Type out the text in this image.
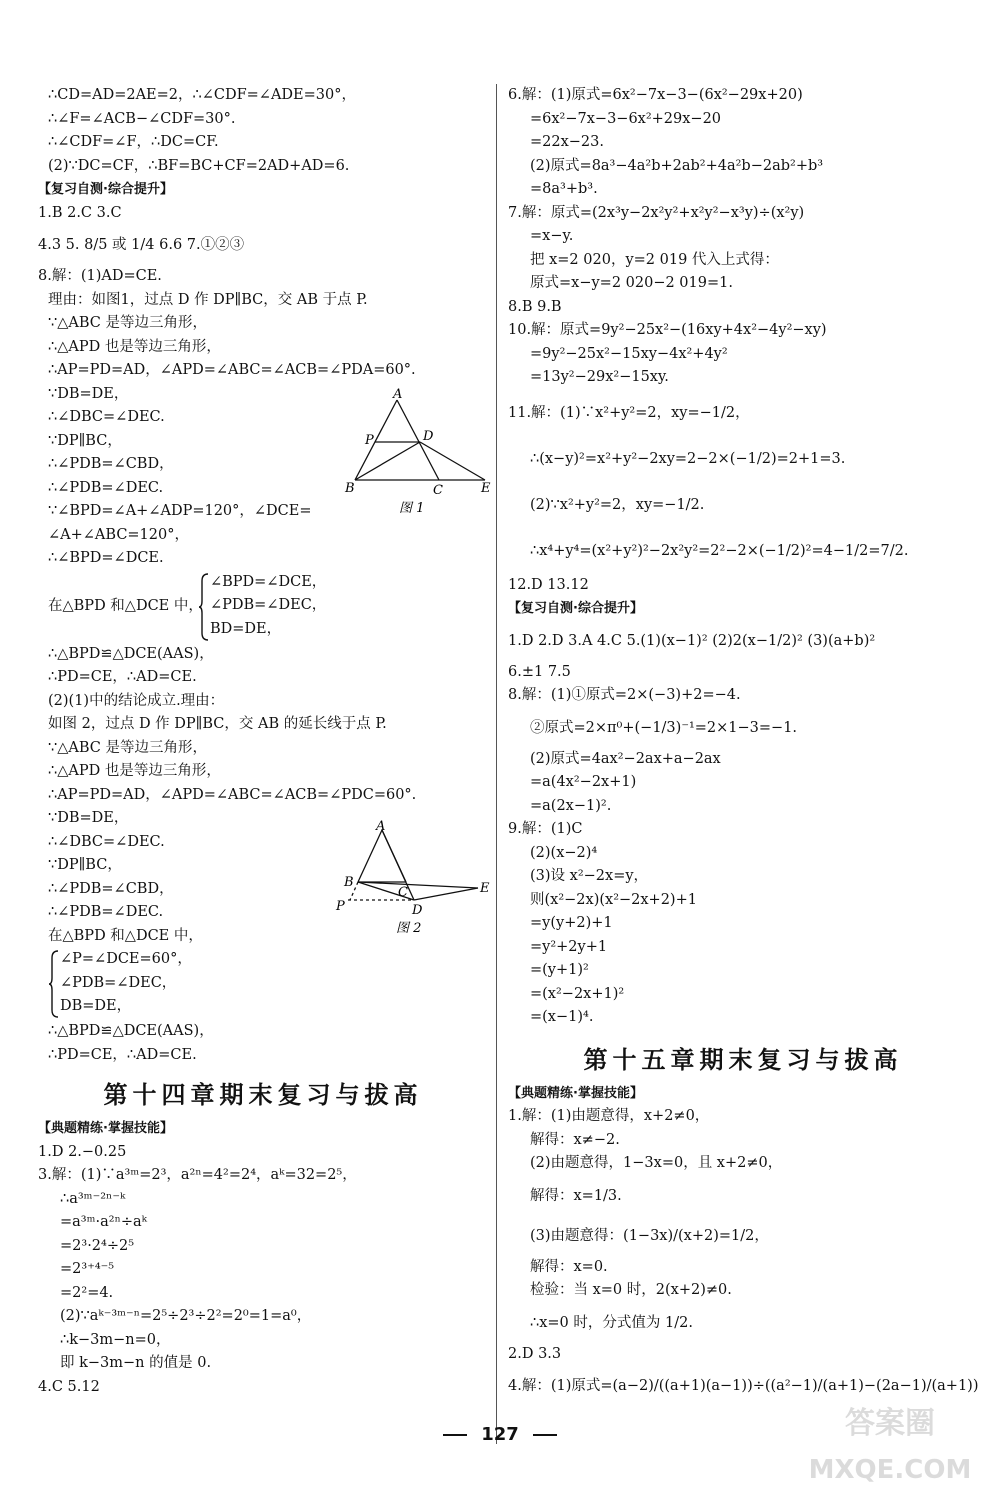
∴CD=AD=2AE=2，∴∠CDF=∠ADE=30°，
∴∠F=∠ACB−∠CDF=30°.
∴∠CDF=∠F，∴DC=CF.
(2)∵DC=CF，∴BF=BC+CF=2AD+AD=6.
【复习自测·综合提升】
1.B 2.C 3.C
4.3 5. 8/5 或 1/4 6.6 7.①②③
8.解：(1)AD=CE.
理由：如图1，过点 D 作 DP∥BC，交 AB 于点 P.
∵△ABC 是等边三角形，
∴△APD 也是等边三角形，
∴AP=PD=AD，∠APD=∠ABC=∠ACB=∠PDA=60°.
∵DB=DE，
∴∠DBC=∠DEC.
∵DP∥BC，
∴∠PDB=∠CBD，
∴∠PDB=∠DEC.
∵∠BPD=∠A+∠ADP=120°，∠DCE=
∠A+∠ABC=120°，
∴∠BPD=∠DCE.
在△BPD 和△DCE 中，
∠BPD=∠DCE，
∠PDB=∠DEC，
BD=DE，
∴△BPD≌△DCE(AAS)，
∴PD=CE，∴AD=CE.
(2)(1)中的结论成立.理由：
如图 2，过点 D 作 DP∥BC，交 AB 的延长线于点 P.
∵△ABC 是等边三角形，
∴△APD 也是等边三角形，
∴AP=PD=AD，∠APD=∠ABC=∠ACB=∠PDC=60°.
∵DB=DE，
∴∠DBC=∠DEC.
∵DP∥BC，
∴∠PDB=∠CBD，
∴∠PDB=∠DEC.
在△BPD 和△DCE 中，
∠P=∠DCE=60°，
∠PDB=∠DEC，
DB=DE，
∴△BPD≌△DCE(AAS)，
∴PD=CE，∴AD=CE.
第十四章期末复习与拔高
【典题精练·掌握技能】
1.D 2.−0.25
3.解：(1)∵a³ᵐ=2³，a²ⁿ=4²=2⁴，aᵏ=32=2⁵，
∴a³ᵐ⁻²ⁿ⁻ᵏ
=a³ᵐ·a²ⁿ÷aᵏ
=2³·2⁴÷2⁵
=2³⁺⁴⁻⁵
=2²=4.
(2)∵aᵏ⁻³ᵐ⁻ⁿ=2⁵÷2³÷2²=2⁰=1=a⁰，
∴k−3m−n=0，
即 k−3m−n 的值是 0.
4.C 5.12
A
P	D
B	C	E
图 1
A
B
C
D
E
P
图 2
6.解：(1)原式=6x²−7x−3−(6x²−29x+20)
=6x²−7x−3−6x²+29x−20
=22x−23.
(2)原式=8a³−4a²b+2ab²+4a²b−2ab²+b³
=8a³+b³.
7.解：原式=(2x³y−2x²y²+x²y²−x³y)÷(x²y)
=x−y.
把 x=2 020，y=2 019 代入上式得：
原式=x−y=2 020−2 019=1.
8.B 9.B
10.解：原式=9y²−25x²−(16xy+4x²−4y²−xy)
=9y²−25x²−15xy−4x²+4y²
=13y²−29x²−15xy.
11.解：(1)∵x²+y²=2，xy=−1/2，
∴(x−y)²=x²+y²−2xy=2−2×(−1/2)=2+1=3.
(2)∵x²+y²=2，xy=−1/2.
∴x⁴+y⁴=(x²+y²)²−2x²y²=2²−2×(−1/2)²=4−1/2=7/2.
12.D 13.12
【复习自测·综合提升】
1.D 2.D 3.A 4.C 5.(1)(x−1)² (2)2(x−1/2)² (3)(a+b)²
6.±1 7.5
8.解：(1)①原式=2×(−3)+2=−4.
②原式=2×π⁰+(−1/3)⁻¹=2×1−3=−1.
(2)原式=4ax²−2ax+a−2ax
=a(4x²−2x+1)
=a(2x−1)².
9.解：(1)C
(2)(x−2)⁴
(3)设 x²−2x=y，
则(x²−2x)(x²−2x+2)+1
=y(y+2)+1
=y²+2y+1
=(y+1)²
=(x²−2x+1)²
=(x−1)⁴.
第十五章期末复习与拔高
【典题精练·掌握技能】
1.解：(1)由题意得，x+2≠0，
解得：x≠−2.
(2)由题意得，1−3x=0，且 x+2≠0，
解得：x=1/3.
(3)由题意得：(1−3x)/(x+2)=1/2，
解得：x=0.
检验：当 x=0 时，2(x+2)≠0.
∴x=0 时，分式值为 1/2.
2.D 3.3
4.解：(1)原式=(a−2)/((a+1)(a−1))÷((a²−1)/(a+1)−(2a−1)/(a+1))
127	答案圈
MXQE.COM
